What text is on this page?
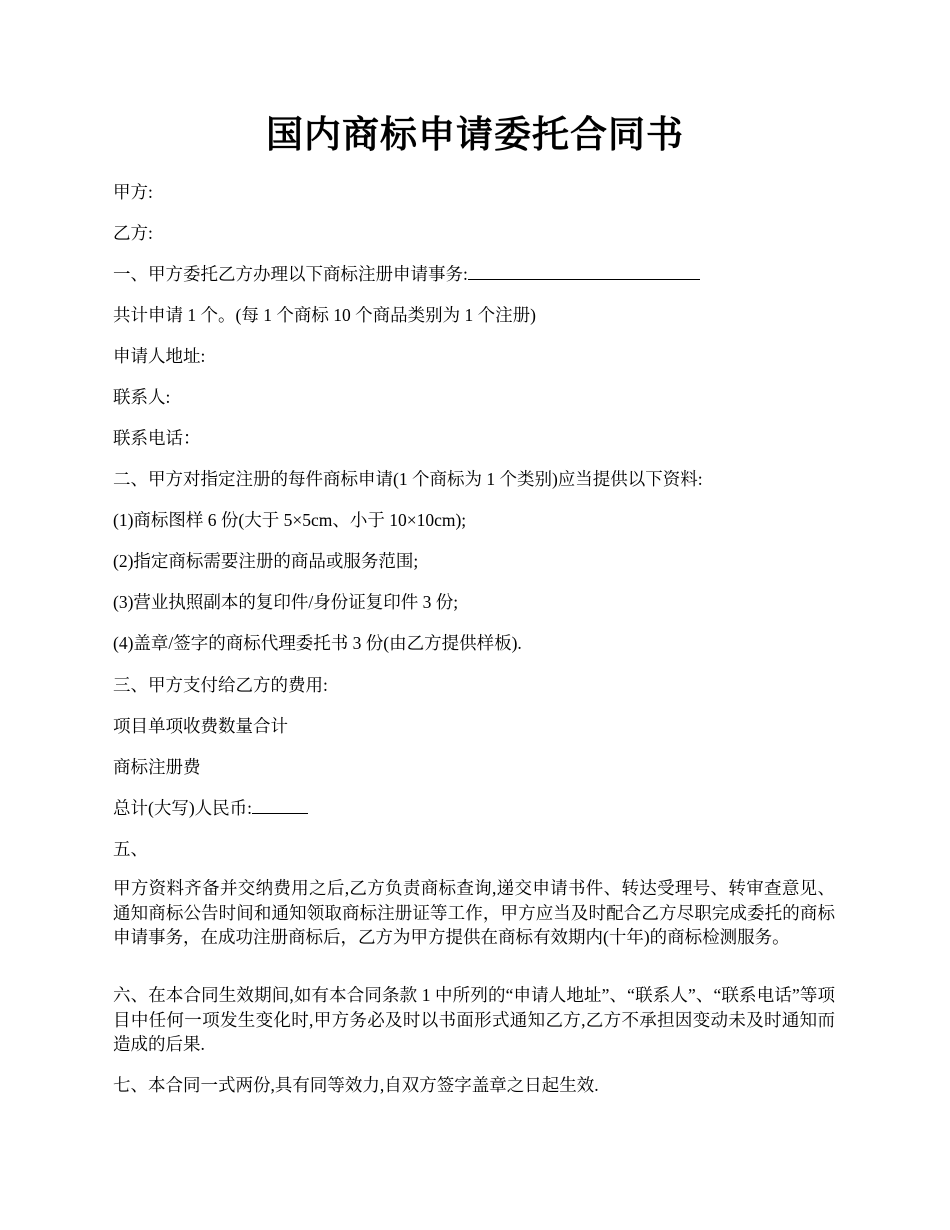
国内商标申请委托合同书

甲方:

乙方:

一、甲方委托乙方办理以下商标注册申请事务:

共计申请 1 个。(每 1 个商标 10 个商品类别为 1 个注册)

申请人地址:

联系人:

联系电话：

二、甲方对指定注册的每件商标申请(1 个商标为 1 个类别)应当提供以下资料:

(1)商标图样 6 份(大于 5×5cm、小于 10×10cm);

(2)指定商标需要注册的商品或服务范围;

(3)营业执照副本的复印件/身份证复印件 3 份;

(4)盖章/签字的商标代理委托书 3 份(由乙方提供样板).

三、甲方支付给乙方的费用:

项目单项收费数量合计

商标注册费

总计(大写)人民币:

五、

甲方资料齐备并交纳费用之后,乙方负责商标查询,递交申请书件、转达受理号、转审查意见、通知商标公告时间和通知领取商标注册证等工作，甲方应当及时配合乙方尽职完成委托的商标申请事务，在成功注册商标后，乙方为甲方提供在商标有效期内(十年)的商标检测服务。

六、在本合同生效期间,如有本合同条款 1 中所列的“申请人地址”、“联系人”、“联系电话”等项目中任何一项发生变化时,甲方务必及时以书面形式通知乙方,乙方不承担因变动未及时通知而造成的后果.

七、本合同一式两份,具有同等效力,自双方签字盖章之日起生效.
